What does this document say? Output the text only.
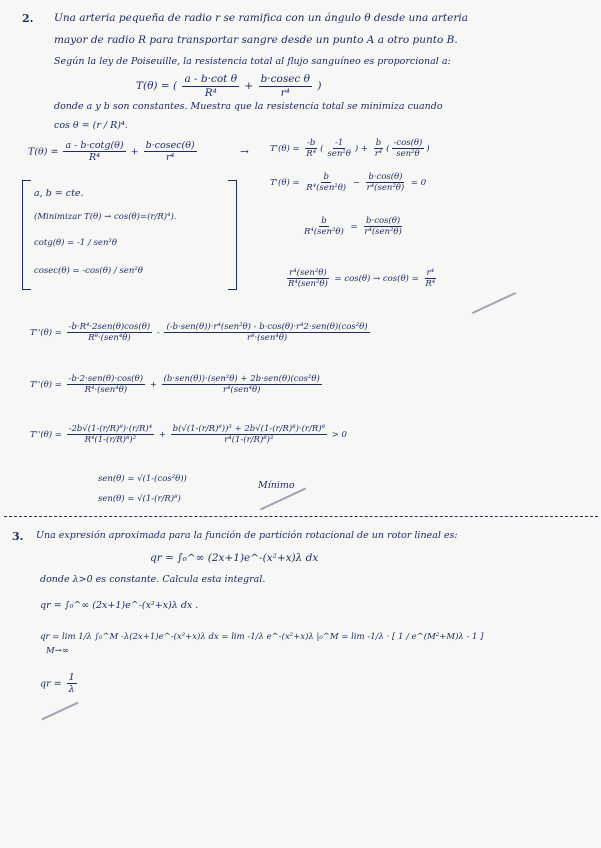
2. Una arteria pequeña de radio r se ramifica con un ángulo θ desde una arteria
mayor de radio R para transportar sangre desde un punto A a otro punto B.
Según la ley de Poiseuille, la resistencia total al flujo sanguíneo es proporcional a:
T(θ) = ( $\frac{\text{a - b·cot θ}}{\text{R⁴}} + \frac{\text{b·cosec θ}}{\text{r⁴}}$ )
donde a y b son constantes. Muestra que la resistencia total se minimiza cuando
cos θ = (r / R)⁴.
$T(\theta) = \frac{a - b\cdot\cot g(\theta)}{\text{R⁴}} + \frac{b\cdot cosec(\theta)}{\text{r⁴}}$	→ $T'(\theta) = \frac{-b}{\text{R⁴}}$ ( $\frac{-1}{\text{sen²θ}}$ ) + $\frac{b}{\text{r⁴}}$ ( $\frac{-\cos(\theta)}{\text{sen²θ}}$ )
a, b = cte.
(Minimizar T(θ) → cos(θ)=(r/R)⁴).
cotg(θ) = -1 / sen²θ
cosec(θ) = -cos(θ) / sen²θ
$T'(\theta) = \frac{b}{\text{R⁴(sen²θ)}} - \frac{b\cdot\cos(\theta)}{\text{r⁴(sen²θ)}} = 0$
$\frac{b}{\text{R⁴(sen²θ)}} = \frac{b\cdot\cos(\theta)}{\text{r⁴(sen²θ)}}$
$\frac{\text{r⁴(sen²θ)}}{\text{R⁴(sen²θ)}} = \cos(\theta) \to \cos(\theta) = \frac{\text{r⁴}}{\text{R⁴}}$
$T''(\theta) = \frac{\text{-b·R⁴·2sen(θ)cos(θ)}}{\text{R⁸·(sen⁴θ)}} - \frac{\text{(-b·sen(θ))·r⁴(sen²θ) - b·cos(θ)·r⁴2·sen(θ)(cos²θ)}}{\text{r⁸·(sen⁴θ)}}$
$T''(\theta) = \frac{\text{-b·2·sen(θ)·cos(θ)}}{\text{R⁴·(sen⁴θ)}} + \frac{\text{(b·sen(θ))·(sen²θ) + 2b·sen(θ)(cos²θ)}}{\text{r⁴(sen⁴θ)}}$
$T''(\theta) = \frac{\text{-2b√(1-(r/R)⁸)·(r/R)⁴}}{\text{R⁴(1-(r/R)⁸)²}} + \frac{\text{b(√(1-(r/R)⁸))³ + 2b√(1-(r/R)⁸)·(r/R)⁸}}{\text{r⁴(1-(r/R)⁸)²}} > 0$
sen(θ) = √(1-(cos²θ))
sen(θ) = √(1-(r/R)⁸)
Mínimo
3. Una expresión aproximada para la función de partición rotacional de un rotor lineal es:
qr = ∫₀^∞ (2x+1)e^-(x²+x)λ dx
donde λ>0 es constante. Calcula esta integral.
qr = ∫₀^∞ (2x+1)e^-(x²+x)λ dx .
qr = lim 1/λ ∫₀^M -λ(2x+1)e^-(x²+x)λ dx = lim -1/λ e^-(x²+x)λ |₀^M = lim -1/λ · [ 1 / e^(M²+M)λ - 1 ]
M→∞
qr = $\frac{1}{\lambda}$
